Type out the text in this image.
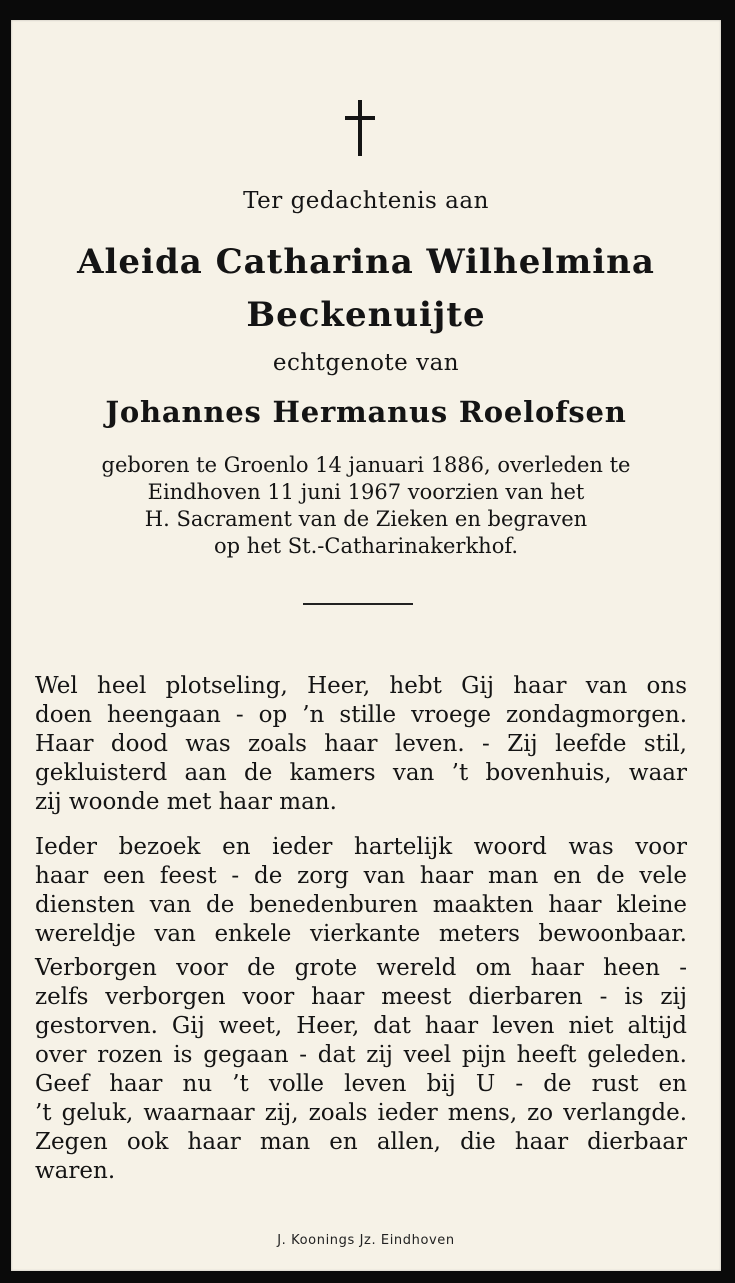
Ter gedachtenis aan
Aleida Catharina Wilhelmina
Beckenuijte
echtgenote van
Johannes Hermanus Roelofsen
geboren te Groenlo 14 januari 1886, overleden te
Eindhoven 11 juni 1967 voorzien van het
H. Sacrament van de Zieken en begraven
op het St.-Catharinakerkhof.
Wel heel plotseling, Heer, hebt Gij haar van ons
doen heengaan - op ’n stille vroege zondagmorgen.
Haar dood was zoals haar leven. - Zij leefde stil,
gekluisterd aan de kamers van ’t bovenhuis, waar
zij woonde met haar man.
Ieder bezoek en ieder hartelijk woord was voor
haar een feest - de zorg van haar man en de vele
diensten van de benedenburen maakten haar kleine
wereldje van enkele vierkante meters bewoonbaar.
Verborgen voor de grote wereld om haar heen -
zelfs verborgen voor haar meest dierbaren - is zij
gestorven. Gij weet, Heer, dat haar leven niet altijd
over rozen is gegaan - dat zij veel pijn heeft geleden.
Geef haar nu ’t volle leven bij U - de rust en
’t geluk, waarnaar zij, zoals ieder mens, zo verlangde.
Zegen ook haar man en allen, die haar dierbaar
waren.
J. Koonings Jz. Eindhoven
